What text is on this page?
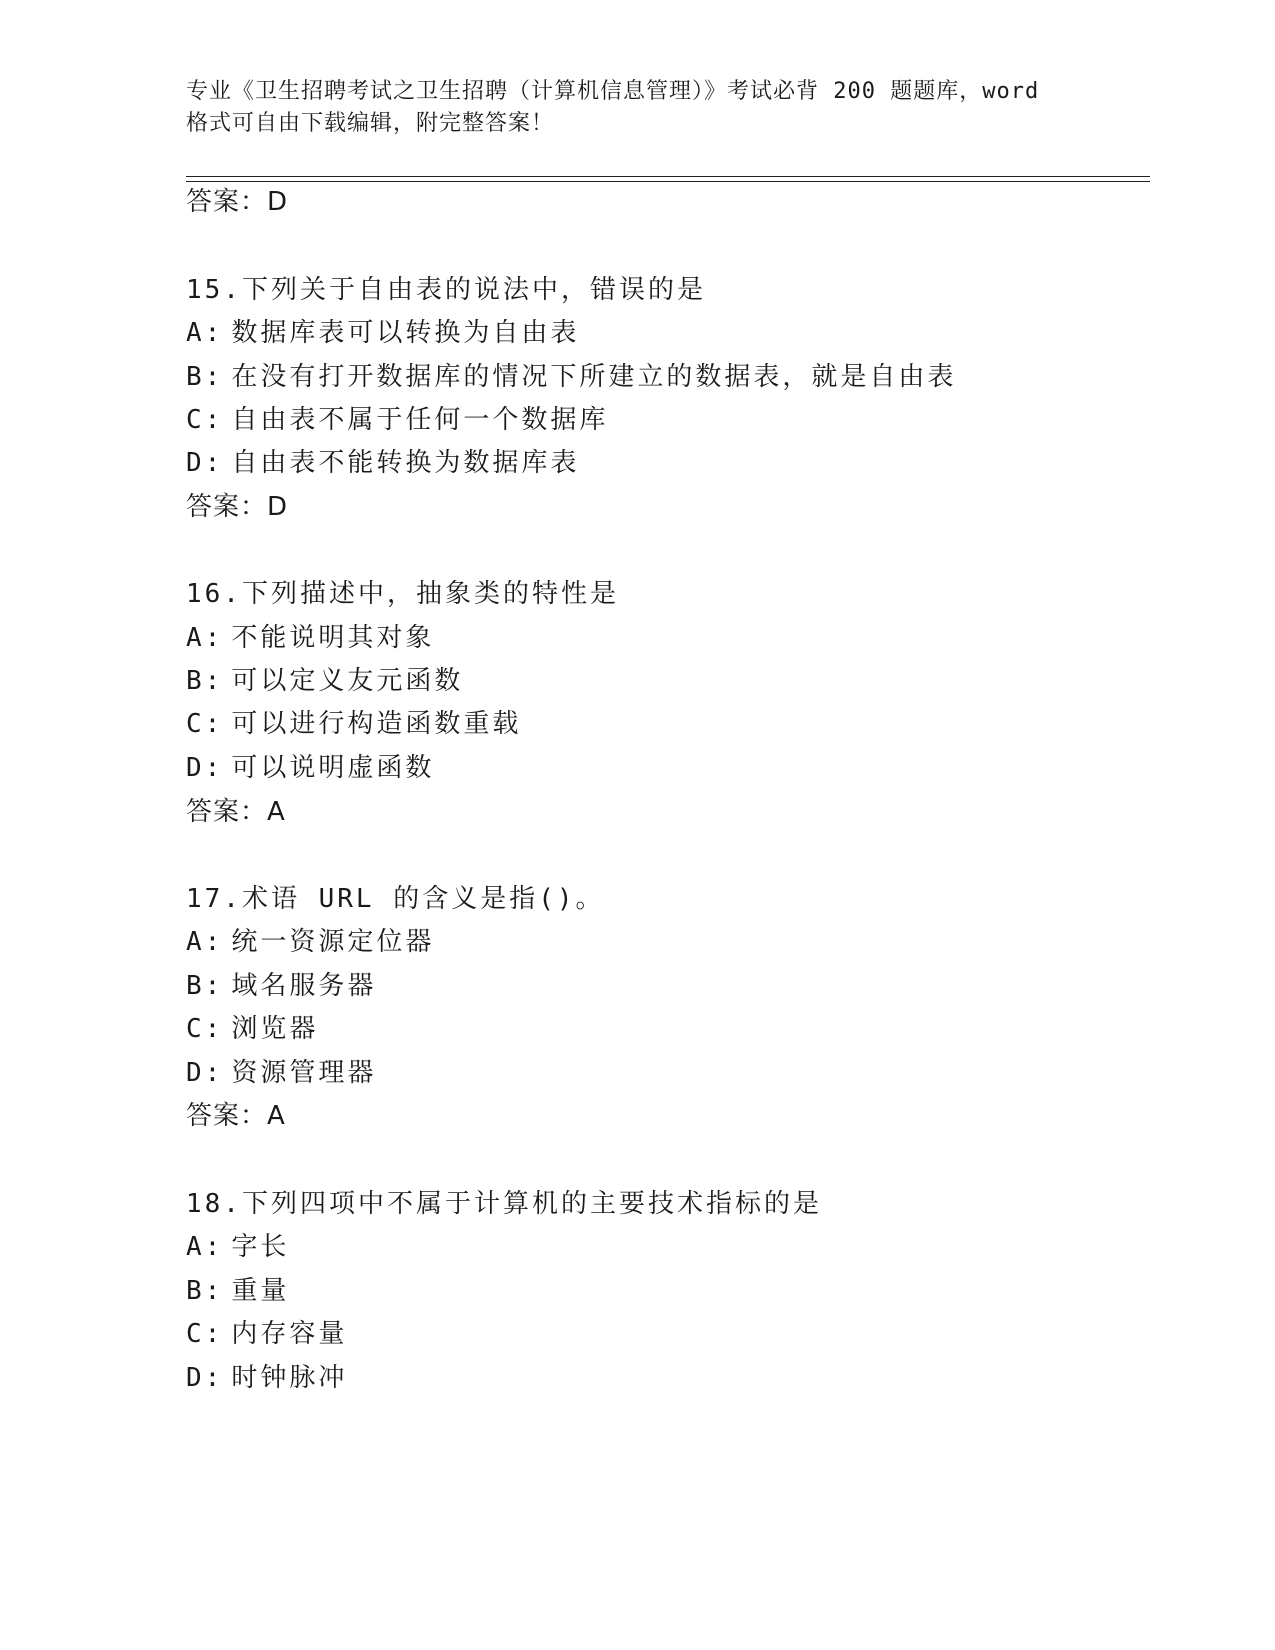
专业《卫生招聘考试之卫生招聘（计算机信息管理）》考试必背 200 题题库，word
格式可自由下载编辑，附完整答案！
答案：D
15.下列关于自由表的说法中，错误的是
A: 数据库表可以转换为自由表
B: 在没有打开数据库的情况下所建立的数据表，就是自由表
C: 自由表不属于任何一个数据库
D: 自由表不能转换为数据库表
答案：D
16.下列描述中，抽象类的特性是
A: 不能说明其对象
B: 可以定义友元函数
C: 可以进行构造函数重载
D: 可以说明虚函数
答案：A
17.术语 URL 的含义是指()。
A: 统一资源定位器
B: 域名服务器
C: 浏览器
D: 资源管理器
答案：A
18.下列四项中不属于计算机的主要技术指标的是
A: 字长
B: 重量
C: 内存容量
D: 时钟脉冲
